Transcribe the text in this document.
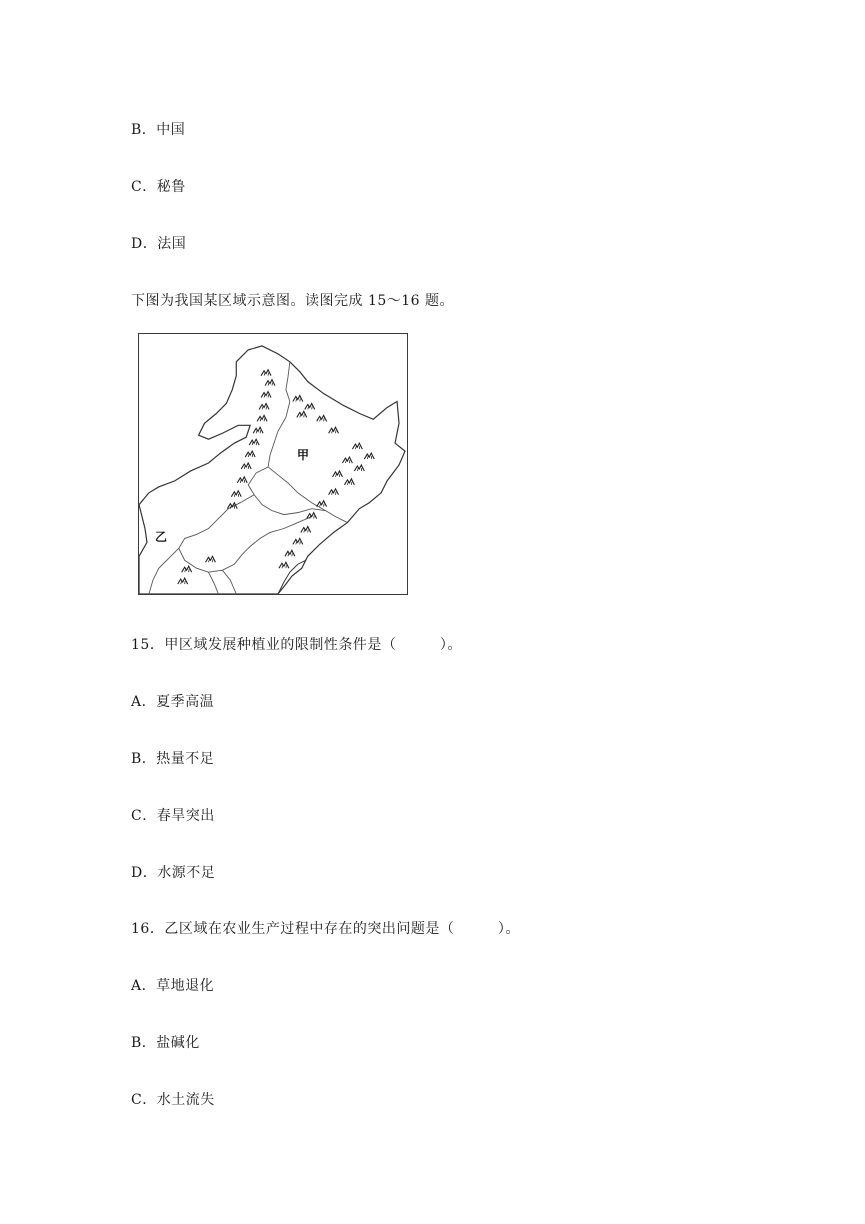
B．中国
C．秘鲁
D．法国
下图为我国某区域示意图。读图完成 15～16 题。
甲
乙
15．甲区域发展种植业的限制性条件是（　　　）。
A．夏季高温
B．热量不足
C．春旱突出
D．水源不足
16．乙区域在农业生产过程中存在的突出问题是（　　　）。
A．草地退化
B．盐碱化
C．水土流失
